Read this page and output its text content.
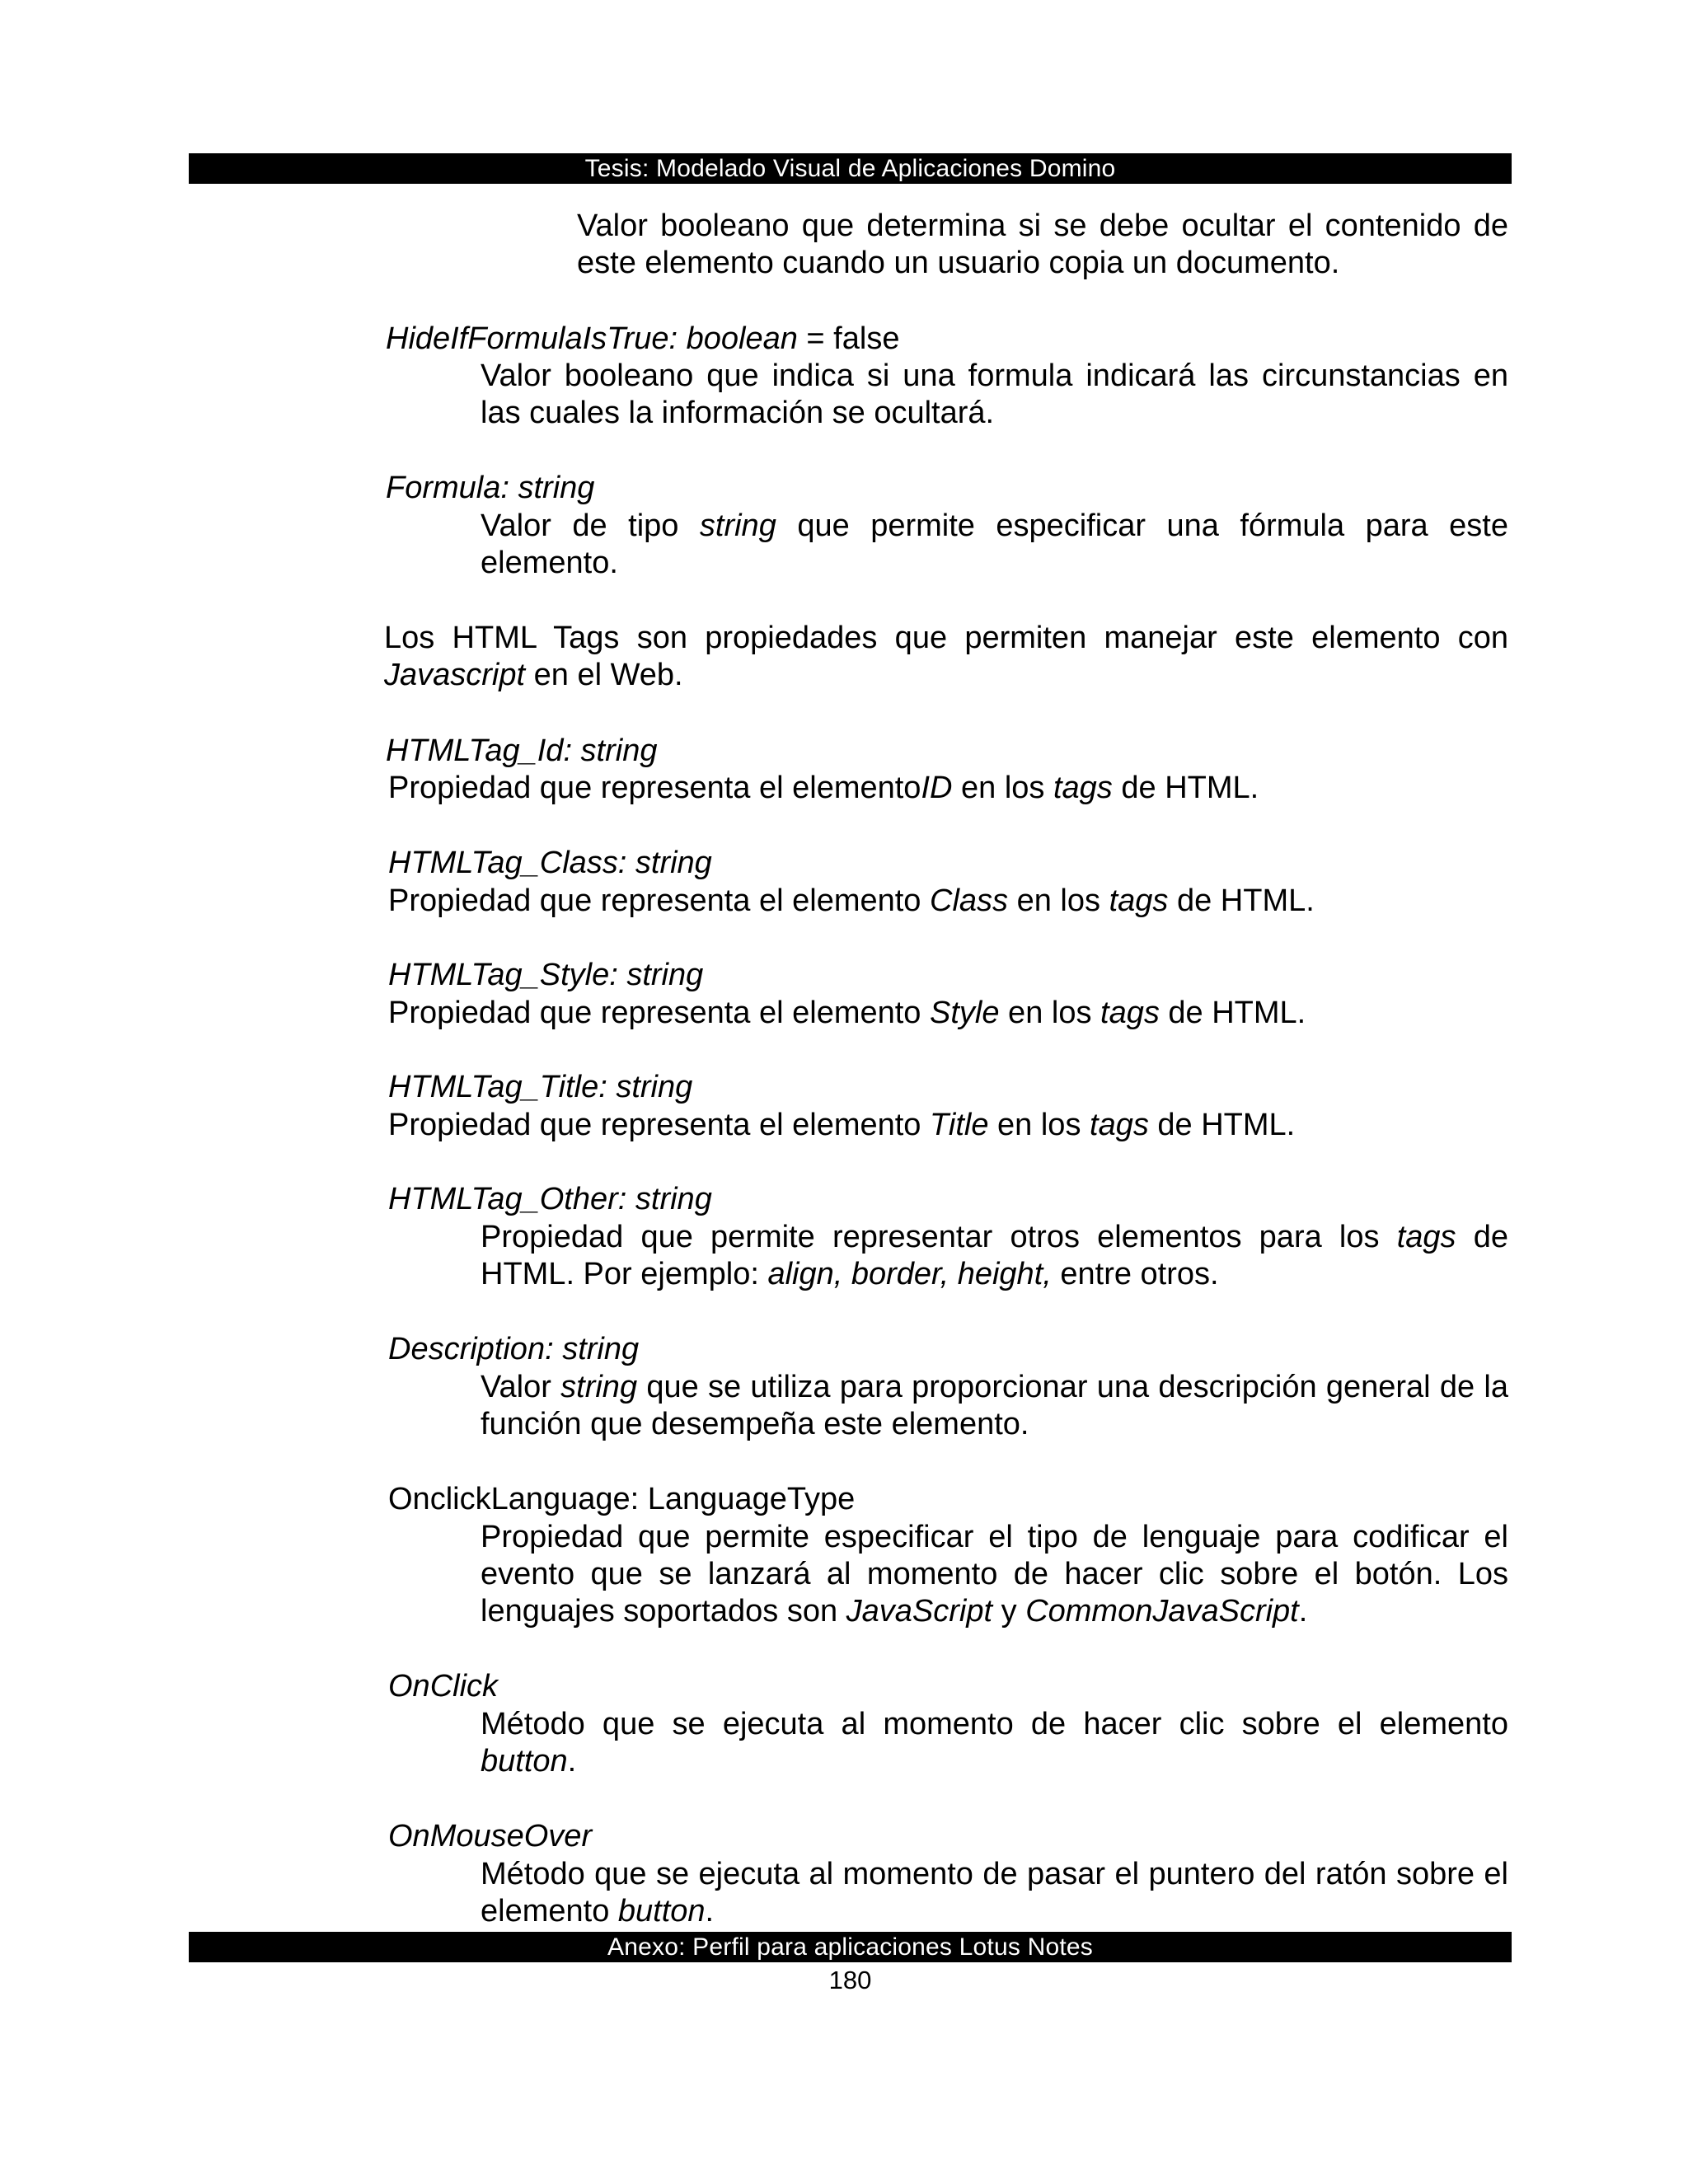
Tesis: Modelado Visual de Aplicaciones Domino

Valor booleano que determina si se debe ocultar el contenido de este elemento cuando un usuario copia un documento.

HideIfFormulaIsTrue: boolean = false

Valor booleano que indica si una formula indicará las circunstancias en las cuales la información se ocultará.

Formula: string

Valor de tipo string que permite especificar una fórmula para este elemento.

Los HTML Tags son propiedades que permiten manejar este elemento con Javascript en el Web.

HTMLTag_Id: string

Propiedad que representa el elementoID en los tags de HTML.

HTMLTag_Class: string

Propiedad que representa el elemento Class en los tags de HTML.

HTMLTag_Style: string

Propiedad que representa el elemento Style en los tags de HTML.

HTMLTag_Title: string

Propiedad que representa el elemento Title en los tags de HTML.

HTMLTag_Other: string

Propiedad que permite representar otros elementos para los tags de HTML. Por ejemplo: align, border, height, entre otros.

Description: string

Valor string que se utiliza para proporcionar una descripción general de la función que desempeña este elemento.

OnclickLanguage: LanguageType

Propiedad que permite especificar el tipo de lenguaje para codificar el evento que se lanzará al momento de hacer clic sobre el botón. Los lenguajes soportados son JavaScript y CommonJavaScript.

OnClick

Método que se ejecuta al momento de hacer clic sobre el elemento button.

OnMouseOver

Método que se ejecuta al momento de pasar el puntero del ratón sobre el elemento button.

Anexo: Perfil para aplicaciones Lotus Notes
180
